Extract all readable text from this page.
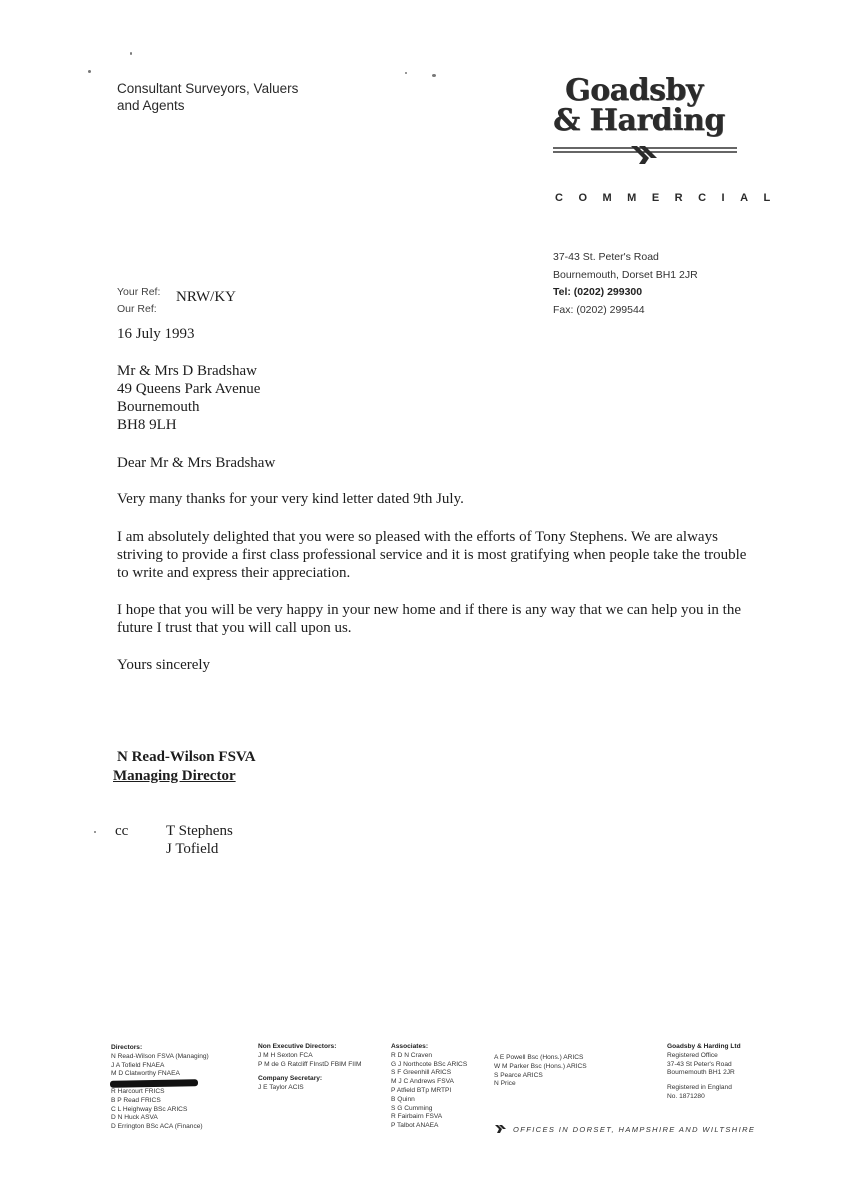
Consultant Surveyors, Valuers
and Agents	Goadsby
& Harding
COMMERCIAL
37-43 St. Peter's Road
Bournemouth, Dorset BH1 2JR
Tel: (0202) 299300
Fax: (0202) 299544
Your Ref:
Our Ref:
NRW/KY
16 July 1993
Mr & Mrs D Bradshaw
49 Queens Park Avenue
Bournemouth
BH8 9LH
Dear Mr & Mrs Bradshaw
Very many thanks for your very kind letter dated 9th July.
I am absolutely delighted that you were so pleased with the efforts of Tony Stephens. We are always striving to provide a first class professional service and it is most gratifying when people take the trouble to write and express their appreciation.
I hope that you will be very happy in your new home and if there is any way that we can help you in the future I trust that you will call upon us.
Yours sincerely
N Read-Wilson FSVA
Managing Director
cc	T Stephens
J Tofield
Directors:
N Read-Wilson FSVA (Managing)
J A Tofield FNAEA
M D Clatworthy FNAEA

R Harcourt FRICS
B P Read FRICS
C L Heighway BSc ARICS
D N Huck ASVA
D Errington BSc ACA (Finance)
Non Executive Directors:
J M H Sexton FCA
P M de G Ratcliff FInstD FBIM FIIM
Company Secretary:
J E Taylor ACIS
Associates:
R D N Craven
G J Northcote BSc ARICS
S F Greenhill ARICS
M J C Andrews FSVA
P Atfield BTp MRTPI
B Quinn
S G Cumming
R Fairbairn FSVA
P Talbot ANAEA
A E Powell Bsc (Hons.) ARICS
W M Parker Bsc (Hons.) ARICS
S Pearce ARICS
N Price
Goadsby & Harding Ltd
Registered Office
37-43 St Peter's Road
Bournemouth BH1 2JR
Registered in England
No. 1871280
OFFICES IN DORSET, HAMPSHIRE AND WILTSHIRE
